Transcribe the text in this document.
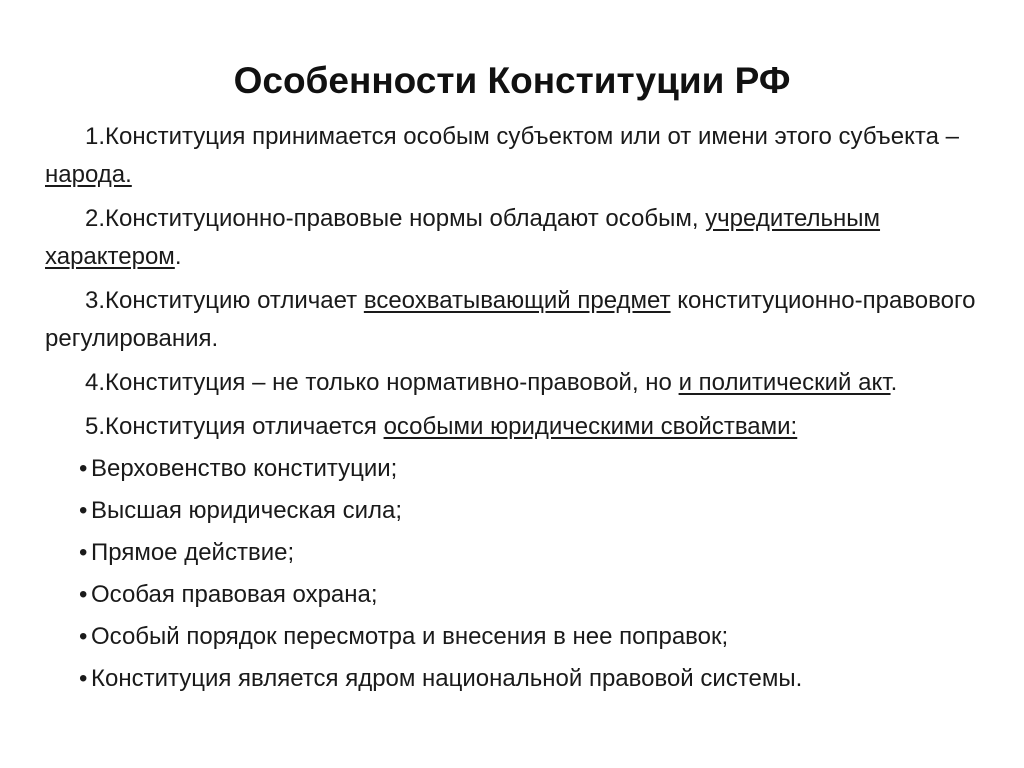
Особенности Конституции РФ
1.Конституция принимается особым субъектом или от имени этого субъекта – народа.
2.Конституционно-правовые нормы обладают особым, учредительным характером.
3.Конституцию отличает всеохватывающий предмет конституционно-правового регулирования.
4.Конституция – не только нормативно-правовой, но и политический акт.
5.Конституция отличается особыми юридическими свойствами:
• Верховенство конституции;
• Высшая юридическая сила;
• Прямое действие;
• Особая правовая охрана;
• Особый порядок пересмотра и внесения в нее поправок;
• Конституция является ядром национальной правовой системы.
